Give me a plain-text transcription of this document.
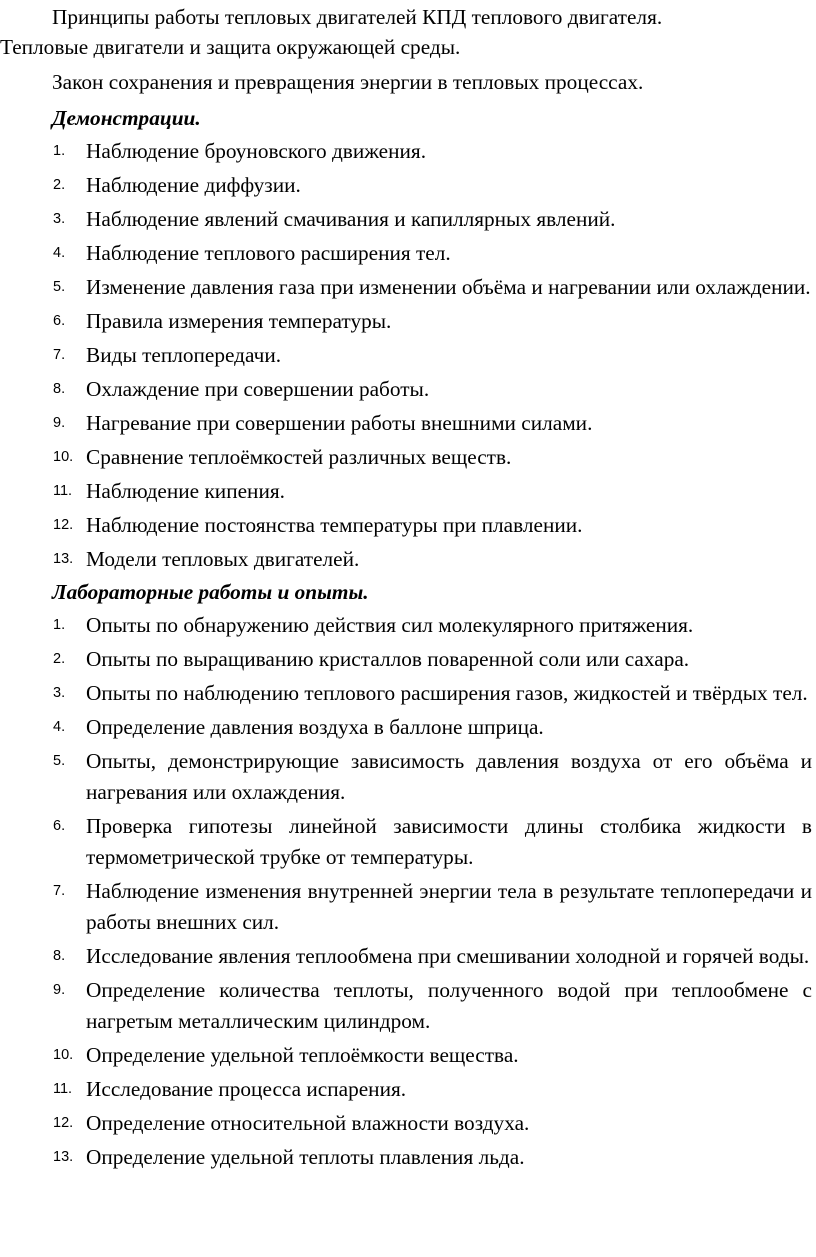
Принципы работы тепловых двигателей КПД теплового двигателя.
Тепловые двигатели и защита окружающей среды.
Закон сохранения и превращения энергии в тепловых процессах.
Демонстрации.
1. Наблюдение броуновского движения.
2. Наблюдение диффузии.
3. Наблюдение явлений смачивания и капиллярных явлений.
4. Наблюдение теплового расширения тел.
5. Изменение давления газа при изменении объёма и нагревании или охлаждении.
6. Правила измерения температуры.
7. Виды теплопередачи.
8. Охлаждение при совершении работы.
9. Нагревание при совершении работы внешними силами.
10. Сравнение теплоёмкостей различных веществ.
11. Наблюдение кипения.
12. Наблюдение постоянства температуры при плавлении.
13. Модели тепловых двигателей.
Лабораторные работы и опыты.
1. Опыты по обнаружению действия сил молекулярного притяжения.
2. Опыты по выращиванию кристаллов поваренной соли или сахара.
3. Опыты по наблюдению теплового расширения газов, жидкостей и твёрдых тел.
4. Определение давления воздуха в баллоне шприца.
5. Опыты, демонстрирующие зависимость давления воздуха от его объёма и нагревания или охлаждения.
6. Проверка гипотезы линейной зависимости длины столбика жидкости в термометрической трубке от температуры.
7. Наблюдение изменения внутренней энергии тела в результате теплопередачи и работы внешних сил.
8. Исследование явления теплообмена при смешивании холодной и горячей воды.
9. Определение количества теплоты, полученного водой при теплообмене с нагретым металлическим цилиндром.
10. Определение удельной теплоёмкости вещества.
11. Исследование процесса испарения.
12. Определение относительной влажности воздуха.
13. Определение удельной теплоты плавления льда.
